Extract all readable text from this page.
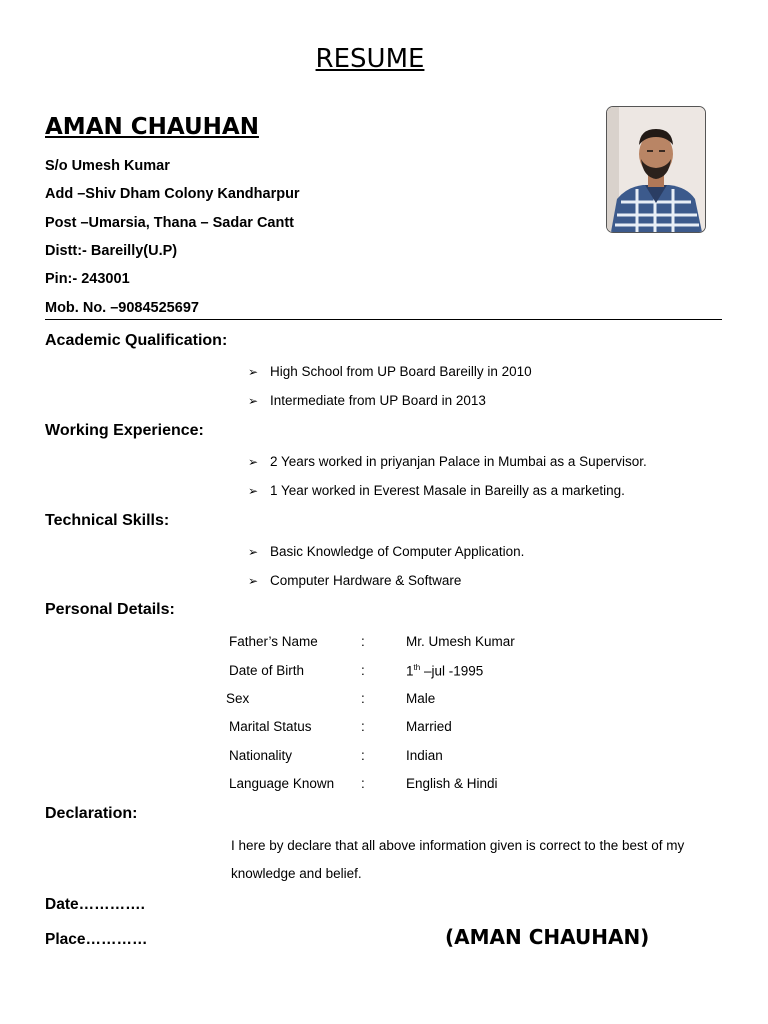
RESUME
AMAN CHAUHAN
S/o Umesh Kumar
Add –Shiv Dham Colony Kandharpur
Post –Umarsia, Thana – Sadar Cantt
Distt:- Bareilly(U.P)
Pin:- 243001
Mob. No. –9084525697
Academic Qualification:
➢ High School from UP Board Bareilly in 2010
➢ Intermediate from UP Board in 2013
Working Experience:
➢ 2 Years worked in priyanjan Palace in Mumbai as a Supervisor.
➢ 1 Year worked in Everest Masale in Bareilly as a marketing.
Technical Skills:
➢ Basic Knowledge of Computer Application.
➢ Computer Hardware & Software
Personal Details:
Father’s Name	:	Mr. Umesh Kumar
Date of Birth	:	1th –jul -1995
Sex	:	Male
Marital Status	:	Married
Nationality	:	Indian
Language Known :	English & Hindi
Declaration:
I here by declare that all above information given is correct to the best of my
knowledge and belief.
Date………….
Place…………	(AMAN CHAUHAN)
